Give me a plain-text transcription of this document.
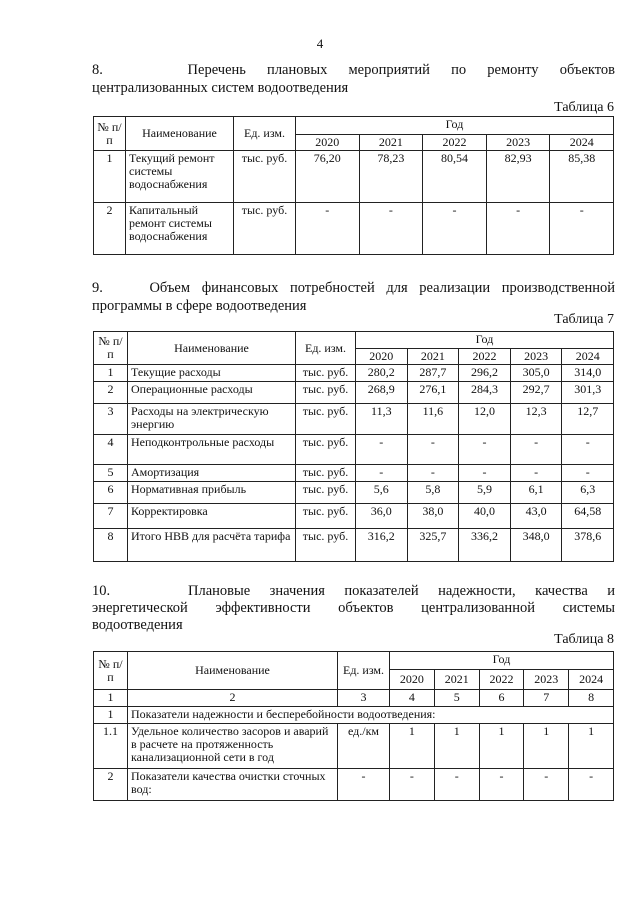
4
8.    Перечень плановых мероприятий по ремонту объектов
централизованных систем водоотведения
Таблица 6
№ п/п	Наименование	Ед. изм.	Год				
			2020	2021	2022	2023	2024
1	Текущий ремонт системы водоснабжения	тыс. руб.	76,20	78,23	80,54	82,93	85,38
2	Капитальный ремонт системы водоснабжения	тыс. руб.	-	-	-	-	-
9.    Объем финансовых потребностей для реализации производственной
программы в сфере водоотведения
Таблица 7
№ п/п	Наименование	Ед. изм.	Год				
			2020	2021	2022	2023	2024
1	Текущие расходы	тыс. руб.	280,2	287,7	296,2	305,0	314,0
2	Операционные расходы	тыс. руб.	268,9	276,1	284,3	292,7	301,3
3	Расходы на электрическую энергию	тыс. руб.	11,3	11,6	12,0	12,3	12,7
4	Неподконтрольные расходы	тыс. руб.	-	-	-	-	-
5	Амортизация	тыс. руб.	-	-	-	-	-
6	Нормативная прибыль	тыс. руб.	5,6	5,8	5,9	6,1	6,3
7	Корректировка	тыс. руб.	36,0	38,0	40,0	43,0	64,58
8	Итого НВВ для расчёта тарифа	тыс. руб.	316,2	325,7	336,2	348,0	378,6
10.    Плановые значения показателей надежности, качества и
энергетической эффективности объектов централизованной системы
водоотведения
Таблица 8
№ п/п	Наименование	Ед. изм.	Год				
			2020	2021	2022	2023	2024
1	2	3	4	5	6	7	8
1	Показатели надежности и бесперебойности водоотведения:						
1.1	Удельное количество засоров и аварий в расчете на протяженность канализационной сети в год	ед./км	1	1	1	1	1
2	Показатели качества очистки сточных вод:	-	-	-	-	-	-
